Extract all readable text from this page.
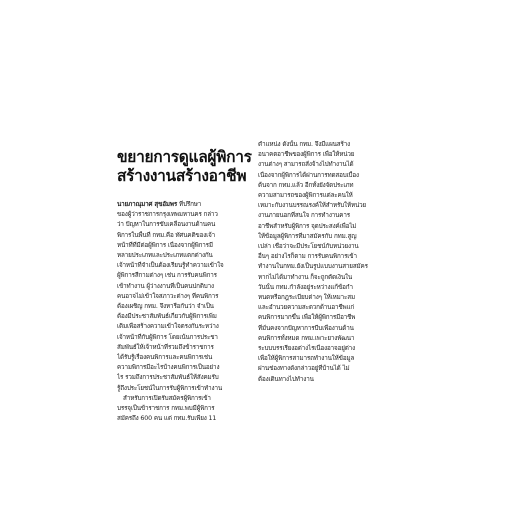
ขยายการดูแลผู้พิการ
สร้างงานสร้างอาชีพ

นายภาณุมาศ สุขอัมพร ที่ปรึกษา

ของผู้ว่าราชการกรุงเทพมหานคร กล่าว

ว่า ปัญหาในการขับเคลื่อนงานด้านคน

พิการในพื้นที่ กทม.คือ ทัศนคติของเจ้า

หน้าที่ที่มีต่อผู้พิการ เนื่องจากผู้พิการมี

หลายประเภทและประเภทแตกต่างกัน

เจ้าหน้าที่จำเป็นต้องเรียนรู้ทำความเข้าใจ

ผู้พิการสีกามต่างๆ เช่น การรับคนพิการ

เข้าทำงาน ผู้ว่างงานที่เป็นคนปกติบาง

คนอาจไม่เข้าใจสภาวะต่างๆ ที่คนพิการ

ต้องเผชิญ กทม. จึงหารือกันว่า จำเป็น

ต้องมีประชาสัมพันธ์เกี่ยวกับผู้พิการเพิ่ม

เติมเพื่อสร้างความเข้าใจตรงกันระหว่าง

เจ้าหน้าที่กับผู้พิการ โดยเน้นการประชา

สัมพันธ์ให้เจ้าหน้าที่รวมถึงข้าราชการ

ได้รับรู้เรื่องคนพิการและคนพิการเช่น

ความพิการมีอะไรบ้างคนพิการเป็นอย่าง

ไร รวมถึงการประชาสัมพันธ์ให้สังคมรับ

รู้ถึงประโยชน์ในการรับผู้พิการเข้าทำงาน

สำหรับการเปิดรับสมัครผู้พิการเข้า

บรรจุเป็นข้าราชการ กทม.พบมีผู้พิการ

สมัครถึง 600 คน แต่ กทม.รับเพียง 11

ตำแหน่ง ดังนั้น กทม. จึงมีแผนสร้าง

อนาคตอาชีพของผู้พิการ เพื่อให้หน่วย

งานต่างๆ สามารถสั่งจ้างไปทำงานได้

เนื่องจากผู้พิการได้ผ่านการทดสอบเบื้อง

ต้นจาก กทม.แล้ว อีกทั้งยังจัดประเภท

ความสามารถของผู้พิการแต่ละคนให้

เหมาะกับงานบรรณรงค์ให้สำหรับให้หน่วย

งานภายนอกที่สนใจ การทำงานคาร

อาชีพสำหรับผู้พิการ จุดประสงค์เพื่อไม่

ให้ข้อมูลผู้พิการที่มาสมัครกับ กทม.สูญ

เปล่า เชื่อว่าจะมีประโยชน์กับหน่วยงาน

อื่นๆ อย่างไรก็ตาม การรับคนพิการเข้า

ทำงานในกทม.ยังเป็นรูปแบบงานสายสมัคร

หากไม่ได้มาทำงาน ก็จะถูกตัดเงินใน

วันนั้น กทม.กำลังอยู่ระหว่างแก้ข้อกำ

หนดหรือกฎระเบียบต่างๆ ให้เหมาะสม

และอำนวยความสะดวกด้านอาชีพแก่

คนพิการมากขึ้น เพื่อให้ผู้พิการมีอาชีพ

ที่มั่นคงจากปัญหาการบีบเพื่องานด้าน

คนพิการทั้งหมด กทม.เพาะยางพัฒนา

ระบบบรรเรียงอต่างไรเนื่องอาจอยู่ต่าง

เพื่อให้ผู้พิการสามารถทำงานให้ข้อมูล

ผ่านช่องทางดังกล่าวอยู่ที่บ้านได้ ไม่

ต้องเดินทางไปทำงาน
